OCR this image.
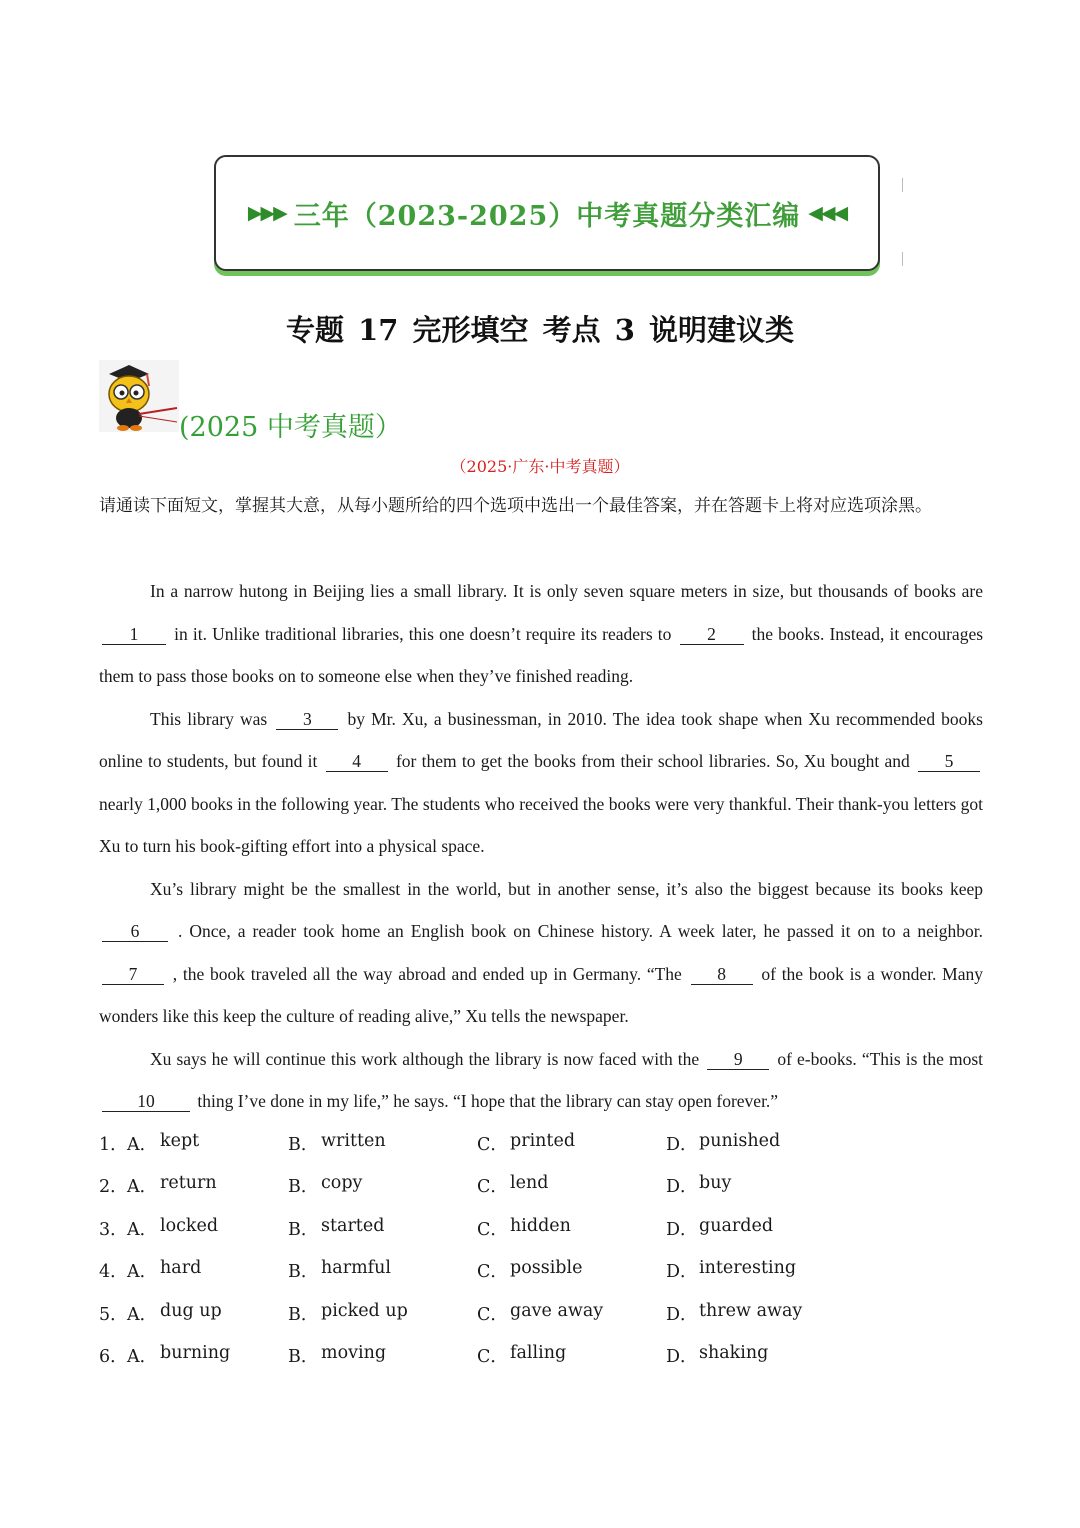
▶▶▶ 三年（2023-2025）中考真题分类汇编 ◀◀◀
专题 17 完形填空 考点 3 说明建议类
(2025 中考真题）
（2025·广东·中考真题）
请通读下面短文，掌握其大意，从每小题所给的四个选项中选出一个最佳答案，并在答题卡上将对应选项涂黑。

In a narrow hutong in Beijing lies a small library. It is only seven square meters in size, but thousands of books are 1 in it. Unlike traditional libraries, this one doesn’t require its readers to 2 the books. Instead, it encourages them to pass those books on to someone else when they’ve finished reading.

This library was 3 by Mr. Xu, a businessman, in 2010. The idea took shape when Xu recommended books online to students, but found it 4 for them to get the books from their school libraries. So, Xu bought and 5 nearly 1,000 books in the following year. The students who received the books were very thankful. Their thank-you letters got Xu to turn his book-gifting effort into a physical space.

Xu’s library might be the smallest in the world, but in another sense, it’s also the biggest because its books keep 6 . Once, a reader took home an English book on Chinese history. A week later, he passed it on to a neighbor. 7 , the book traveled all the way abroad and ended up in Germany. “The 8 of the book is a wonder. Many wonders like this keep the culture of reading alive,” Xu tells the newspaper.

Xu says he will continue this work although the library is now faced with the 9 of e-books. “This is the most 10 thing I’ve done in my life,” he says. “I hope that the library can stay open forever.”

1． A． kept	B． written	C． printed	D． punished
2． A． return	B． copy	C． lend	D． buy
3． A． locked	B． started	C． hidden	D． guarded
4． A． hard	B． harmful	C． possible	D． interesting
5． A． dug up	B． picked up	C． gave away	D． threw away
6． A． burning	B． moving	C． falling	D． shaking
